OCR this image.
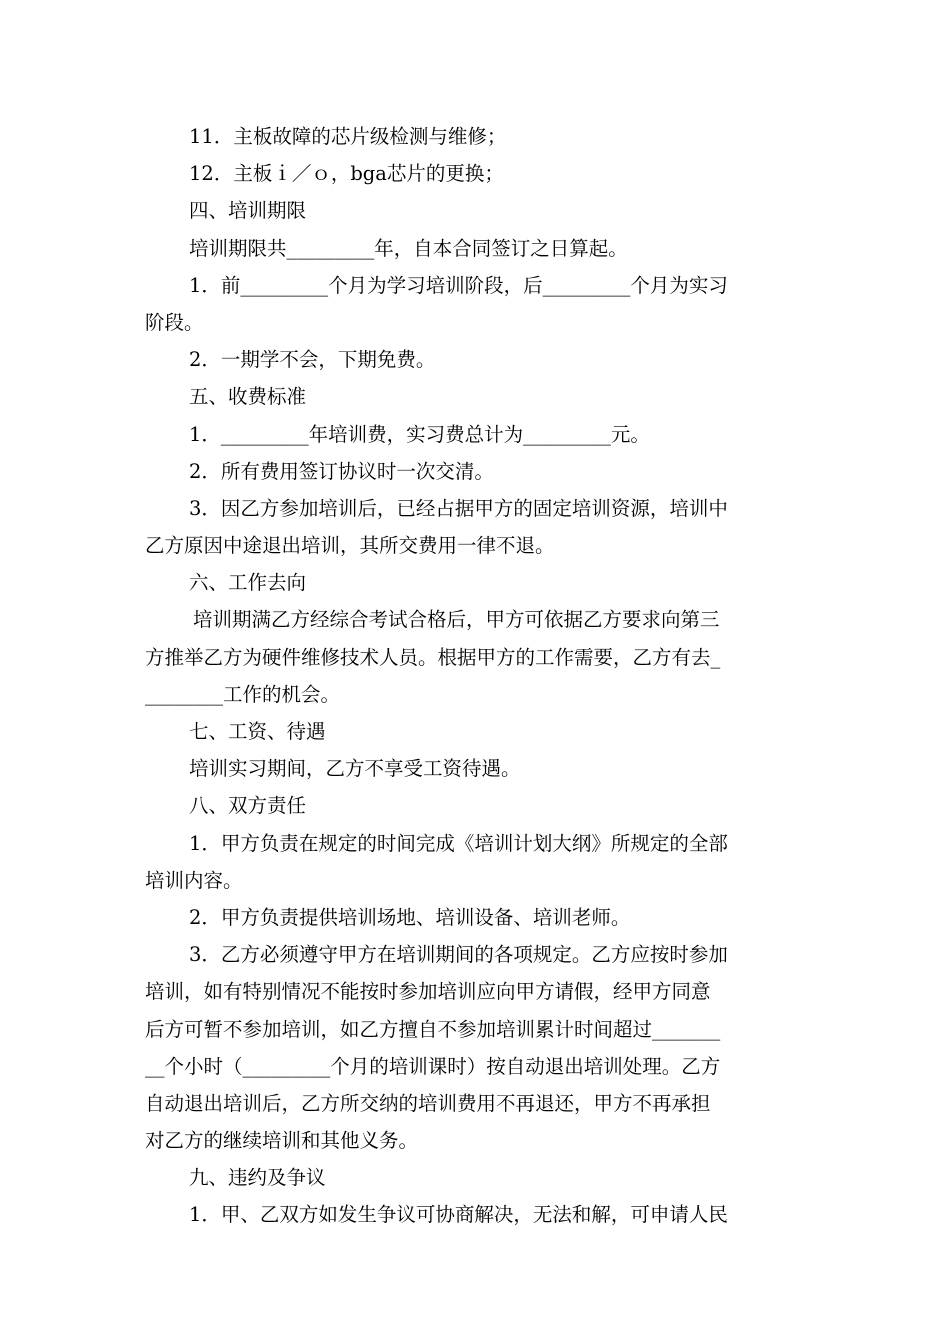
11．主板故障的芯片级检测与维修；
12．主板ｉ／ｏ，bga芯片的更换；
四、培训期限
培训期限共_________年，自本合同签订之日算起。
1．前_________个月为学习培训阶段，后_________个月为实习
阶段。
2．一期学不会，下期免费。
五、收费标准
1．_________年培训费，实习费总计为_________元。
2．所有费用签订协议时一次交清。
3．因乙方参加培训后，已经占据甲方的固定培训资源，培训中
乙方原因中途退出培训，其所交费用一律不退。
六、工作去向
培训期满乙方经综合考试合格后，甲方可依据乙方要求向第三
方推举乙方为硬件维修技术人员。根据甲方的工作需要，乙方有去_
________工作的机会。
七、工资、待遇
培训实习期间，乙方不享受工资待遇。
八、双方责任
1．甲方负责在规定的时间完成《培训计划大纲》所规定的全部
培训内容。
2．甲方负责提供培训场地、培训设备、培训老师。
3．乙方必须遵守甲方在培训期间的各项规定。乙方应按时参加
培训，如有特别情况不能按时参加培训应向甲方请假，经甲方同意
后方可暂不参加培训，如乙方擅自不参加培训累计时间超过_______
__个小时（_________个月的培训课时）按自动退出培训处理。乙方
自动退出培训后，乙方所交纳的培训费用不再退还，甲方不再承担
对乙方的继续培训和其他义务。
九、违约及争议
1．甲、乙双方如发生争议可协商解决，无法和解，可申请人民
